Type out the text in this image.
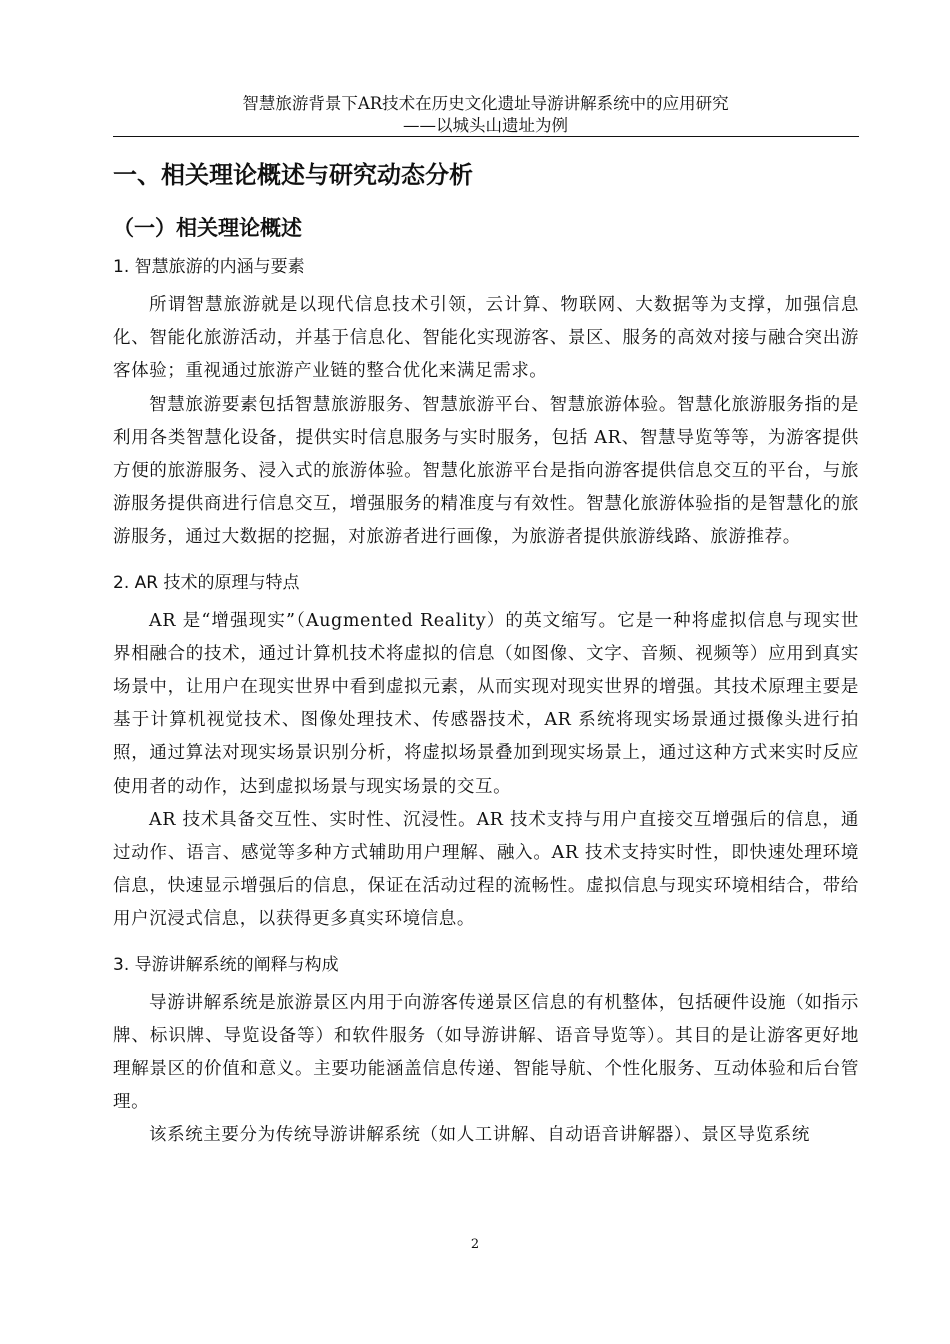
智慧旅游背景下AR技术在历史文化遗址导游讲解系统中的应用研究
——以城头山遗址为例
一、相关理论概述与研究动态分析
（一）相关理论概述
1. 智慧旅游的内涵与要素

所谓智慧旅游就是以现代信息技术引领，云计算、物联网、大数据等为支撑，加强信息化、智能化旅游活动，并基于信息化、智能化实现游客、景区、服务的高效对接与融合突出游客体验；重视通过旅游产业链的整合优化来满足需求。

智慧旅游要素包括智慧旅游服务、智慧旅游平台、智慧旅游体验。智慧化旅游服务指的是利用各类智慧化设备，提供实时信息服务与实时服务，包括 AR、智慧导览等等，为游客提供方便的旅游服务、浸入式的旅游体验。智慧化旅游平台是指向游客提供信息交互的平台，与旅游服务提供商进行信息交互，增强服务的精准度与有效性。智慧化旅游体验指的是智慧化的旅游服务，通过大数据的挖掘，对旅游者进行画像，为旅游者提供旅游线路、旅游推荐。

2. AR 技术的原理与特点

AR 是“增强现实”（Augmented Reality）的英文缩写。它是一种将虚拟信息与现实世界相融合的技术，通过计算机技术将虚拟的信息（如图像、文字、音频、视频等）应用到真实场景中，让用户在现实世界中看到虚拟元素，从而实现对现实世界的增强。其技术原理主要是基于计算机视觉技术、图像处理技术、传感器技术，AR 系统将现实场景通过摄像头进行拍照，通过算法对现实场景识别分析，将虚拟场景叠加到现实场景上，通过这种方式来实时反应使用者的动作，达到虚拟场景与现实场景的交互。

AR 技术具备交互性、实时性、沉浸性。AR 技术支持与用户直接交互增强后的信息，通过动作、语言、感觉等多种方式辅助用户理解、融入。AR 技术支持实时性，即快速处理环境信息，快速显示增强后的信息，保证在活动过程的流畅性。虚拟信息与现实环境相结合，带给用户沉浸式信息，以获得更多真实环境信息。

3. 导游讲解系统的阐释与构成

导游讲解系统是旅游景区内用于向游客传递景区信息的有机整体，包括硬件设施（如指示牌、标识牌、导览设备等）和软件服务（如导游讲解、语音导览等）。其目的是让游客更好地理解景区的价值和意义。主要功能涵盖信息传递、智能导航、个性化服务、互动体验和后台管理。

该系统主要分为传统导游讲解系统（如人工讲解、自动语音讲解器）、景区导览系统

2
